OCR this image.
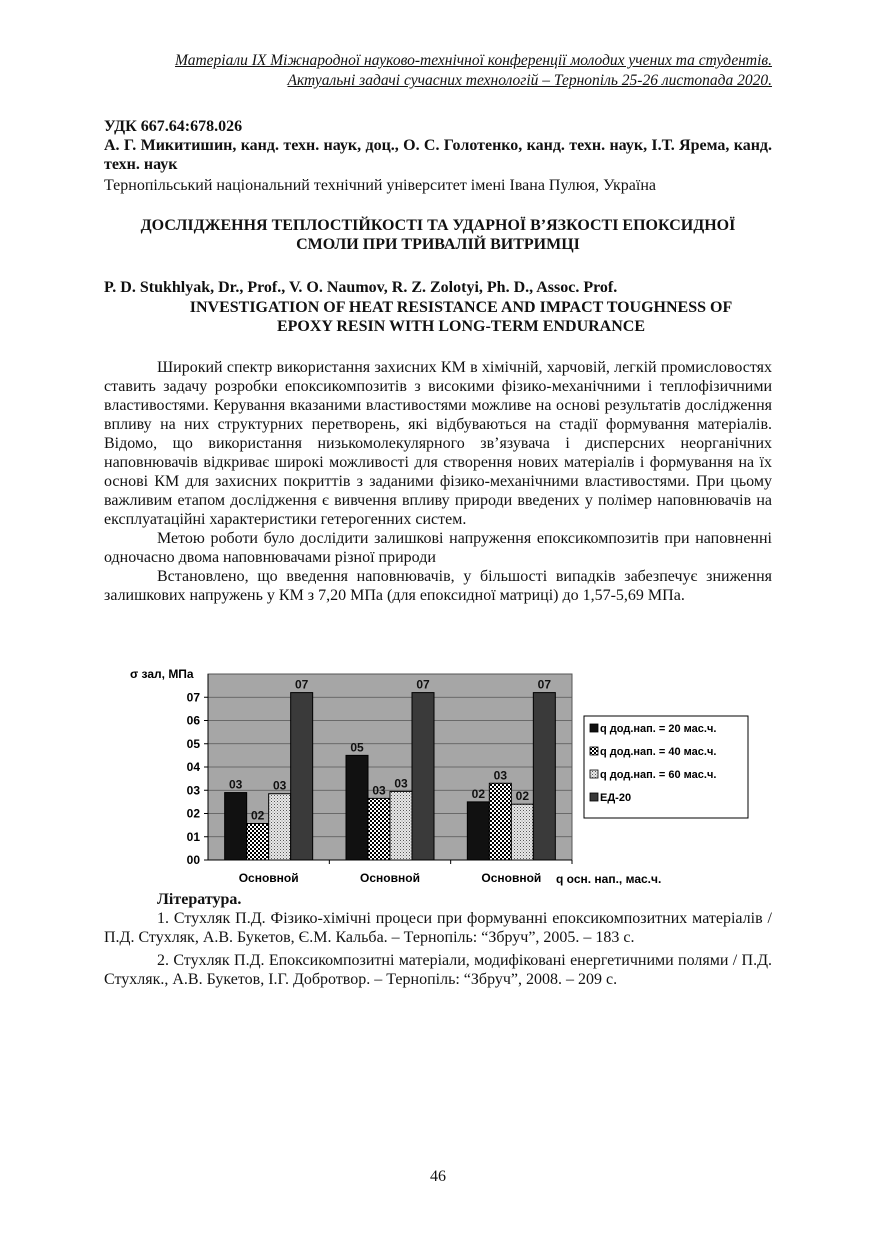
Матеріали IX Міжнародної науково-технічної конференції молодих учених та студентів.
Актуальні задачі сучасних технологій – Тернопіль 25-26 листопада 2020.
УДК 667.64:678.026
А. Г. Микитишин, канд. техн. наук, доц., О. С. Голотенко, канд. техн. наук, І.Т. Ярема, канд. техн. наук
Тернопільський національний технічний університет імені Івана Пулюя, Україна
ДОСЛІДЖЕННЯ ТЕПЛОСТІЙКОСТІ ТА УДАРНОЇ В’ЯЗКОСТІ ЕПОКСИДНОЇ
СМОЛИ ПРИ ТРИВАЛІЙ ВИТРИМЦІ
P. D. Stukhlyak, Dr., Prof., V. O. Naumov, R. Z. Zolotyi, Ph. D., Assoc. Prof.
INVESTIGATION OF HEAT RESISTANCE AND IMPACT TOUGHNESS OF
EPOXY RESIN WITH LONG-TERM ENDURANCE

Широкий спектр використання захисних КМ в хімічній, харчовій, легкій промисловостях ставить задачу розробки епоксикомпозитів з високими фізико-механічними і теплофізичними властивостями. Керування вказаними властивостями можливе на основі результатів дослідження впливу на них структурних перетворень, які відбуваються на стадії формування матеріалів. Відомо, що використання низькомолекулярного зв’язувача і дисперсних неорганічних наповнювачів відкриває широкі можливості для створення нових матеріалів і формування на їх основі КМ для захисних покриттів з заданими фізико-механічними властивостями. При цьому важливим етапом дослідження є вивчення впливу природи введених у полімер наповнювачів на експлуатаційні характеристики гетерогенних систем.

Метою роботи було дослідити залишкові напруження епоксикомпозитів при наповненні одночасно двома наповнювачами різної природи

Встановлено, що введення наповнювачів, у більшості випадків забезпечує зниження залишкових напружень у КМ з 7,20 МПа (для епоксидної матриці) до 1,57-5,69 МПа.

σ зал, МПа
q осн. нап., мас.ч.
00
01
02
03
04
05
06
07
03
02
03
07
Основной
05
03 03
07
Основной
02
03
02
07
Основной
q дод.нап. = 20 мас.ч.
q дод.нап. = 40 мас.ч.
q дод.нап. = 60 мас.ч.
ЕД-20

Література.

1. Стухляк П.Д. Фізико-хімічні процеси при формуванні епоксикомпозитних матеріалів / П.Д. Стухляк, А.В. Букетов, Є.М. Кальба. – Тернопіль: “Збруч”, 2005. – 183 с.

2. Стухляк П.Д. Епоксикомпозитні матеріали, модифіковані енергетичними полями / П.Д. Стухляк., А.В. Букетов, І.Г. Добротвор. – Тернопіль: “Збруч”, 2008. – 209 с.

46
